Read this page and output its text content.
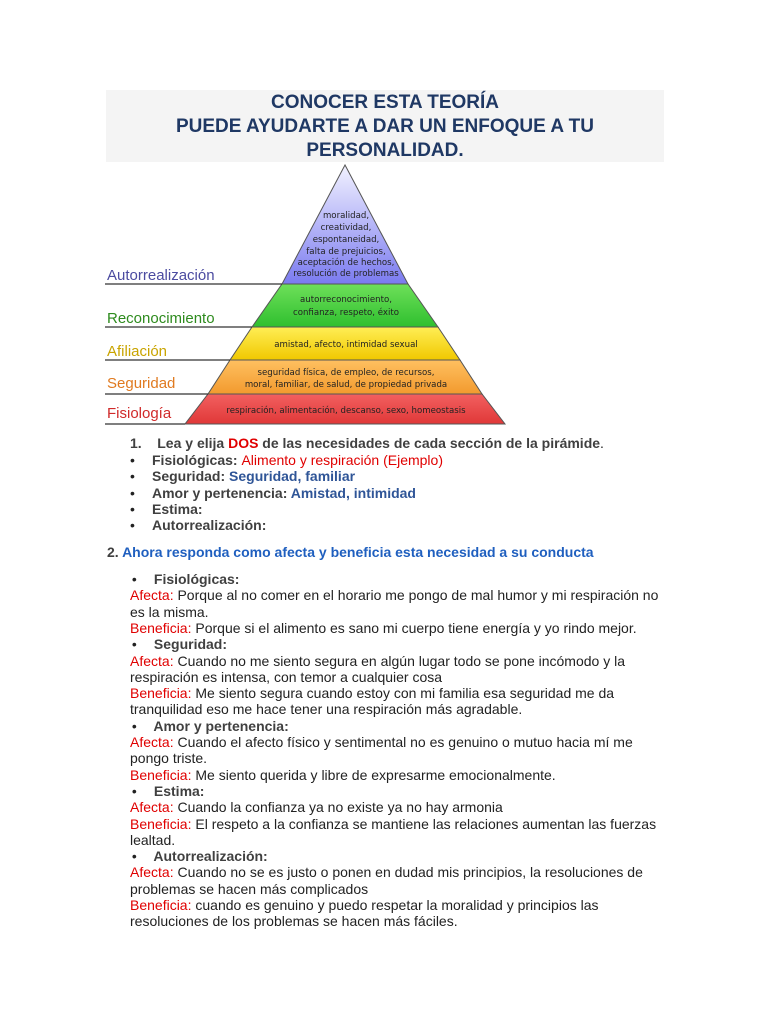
CONOCER ESTA TEORÍA
PUEDE AYUDARTE A DAR UN ENFOQUE A TU
PERSONALIDAD.
moralidad,
creatividad,
espontaneidad,
falta de prejuicios,
aceptación de hechos,
resolución de problemas
autorreconocimiento,
confianza, respeto, éxito
amistad, afecto, intimidad sexual
seguridad física, de empleo, de recursos,
moral, familiar, de salud, de propiedad privada
respiración, alimentación, descanso, sexo, homeostasis
Autorrealización
Reconocimiento
Afiliación
Seguridad
Fisiología
1. Lea y elija DOS de las necesidades de cada sección de la pirámide.
• Fisiológicas: Alimento y respiración (Ejemplo)
• Seguridad: Seguridad, familiar
• Amor y pertenencia: Amistad, intimidad
• Estima:
• Autorrealización:
2. Ahora responda como afecta y beneficia esta necesidad a su conducta
• Fisiológicas:
Afecta: Porque al no comer en el horario me pongo de mal humor y mi respiración no
es la misma.
Beneficia: Porque si el alimento es sano mi cuerpo tiene energía y yo rindo mejor.
• Seguridad:
Afecta: Cuando no me siento segura en algún lugar todo se pone incómodo y la
respiración es intensa, con temor a cualquier cosa
Beneficia: Me siento segura cuando estoy con mi familia esa seguridad me da
tranquilidad eso me hace tener una respiración más agradable.
• Amor y pertenencia:
Afecta: Cuando el afecto físico y sentimental no es genuino o mutuo hacia mí me
pongo triste.
Beneficia: Me siento querida y libre de expresarme emocionalmente.
• Estima:
Afecta: Cuando la confianza ya no existe ya no hay armonia
Beneficia: El respeto a la confianza se mantiene las relaciones aumentan las fuerzas
lealtad.
• Autorrealización:
Afecta: Cuando no se es justo o ponen en dudad mis principios, la resoluciones de
problemas se hacen más complicados
Beneficia: cuando es genuino y puedo respetar la moralidad y principios las
resoluciones de los problemas se hacen más fáciles.
